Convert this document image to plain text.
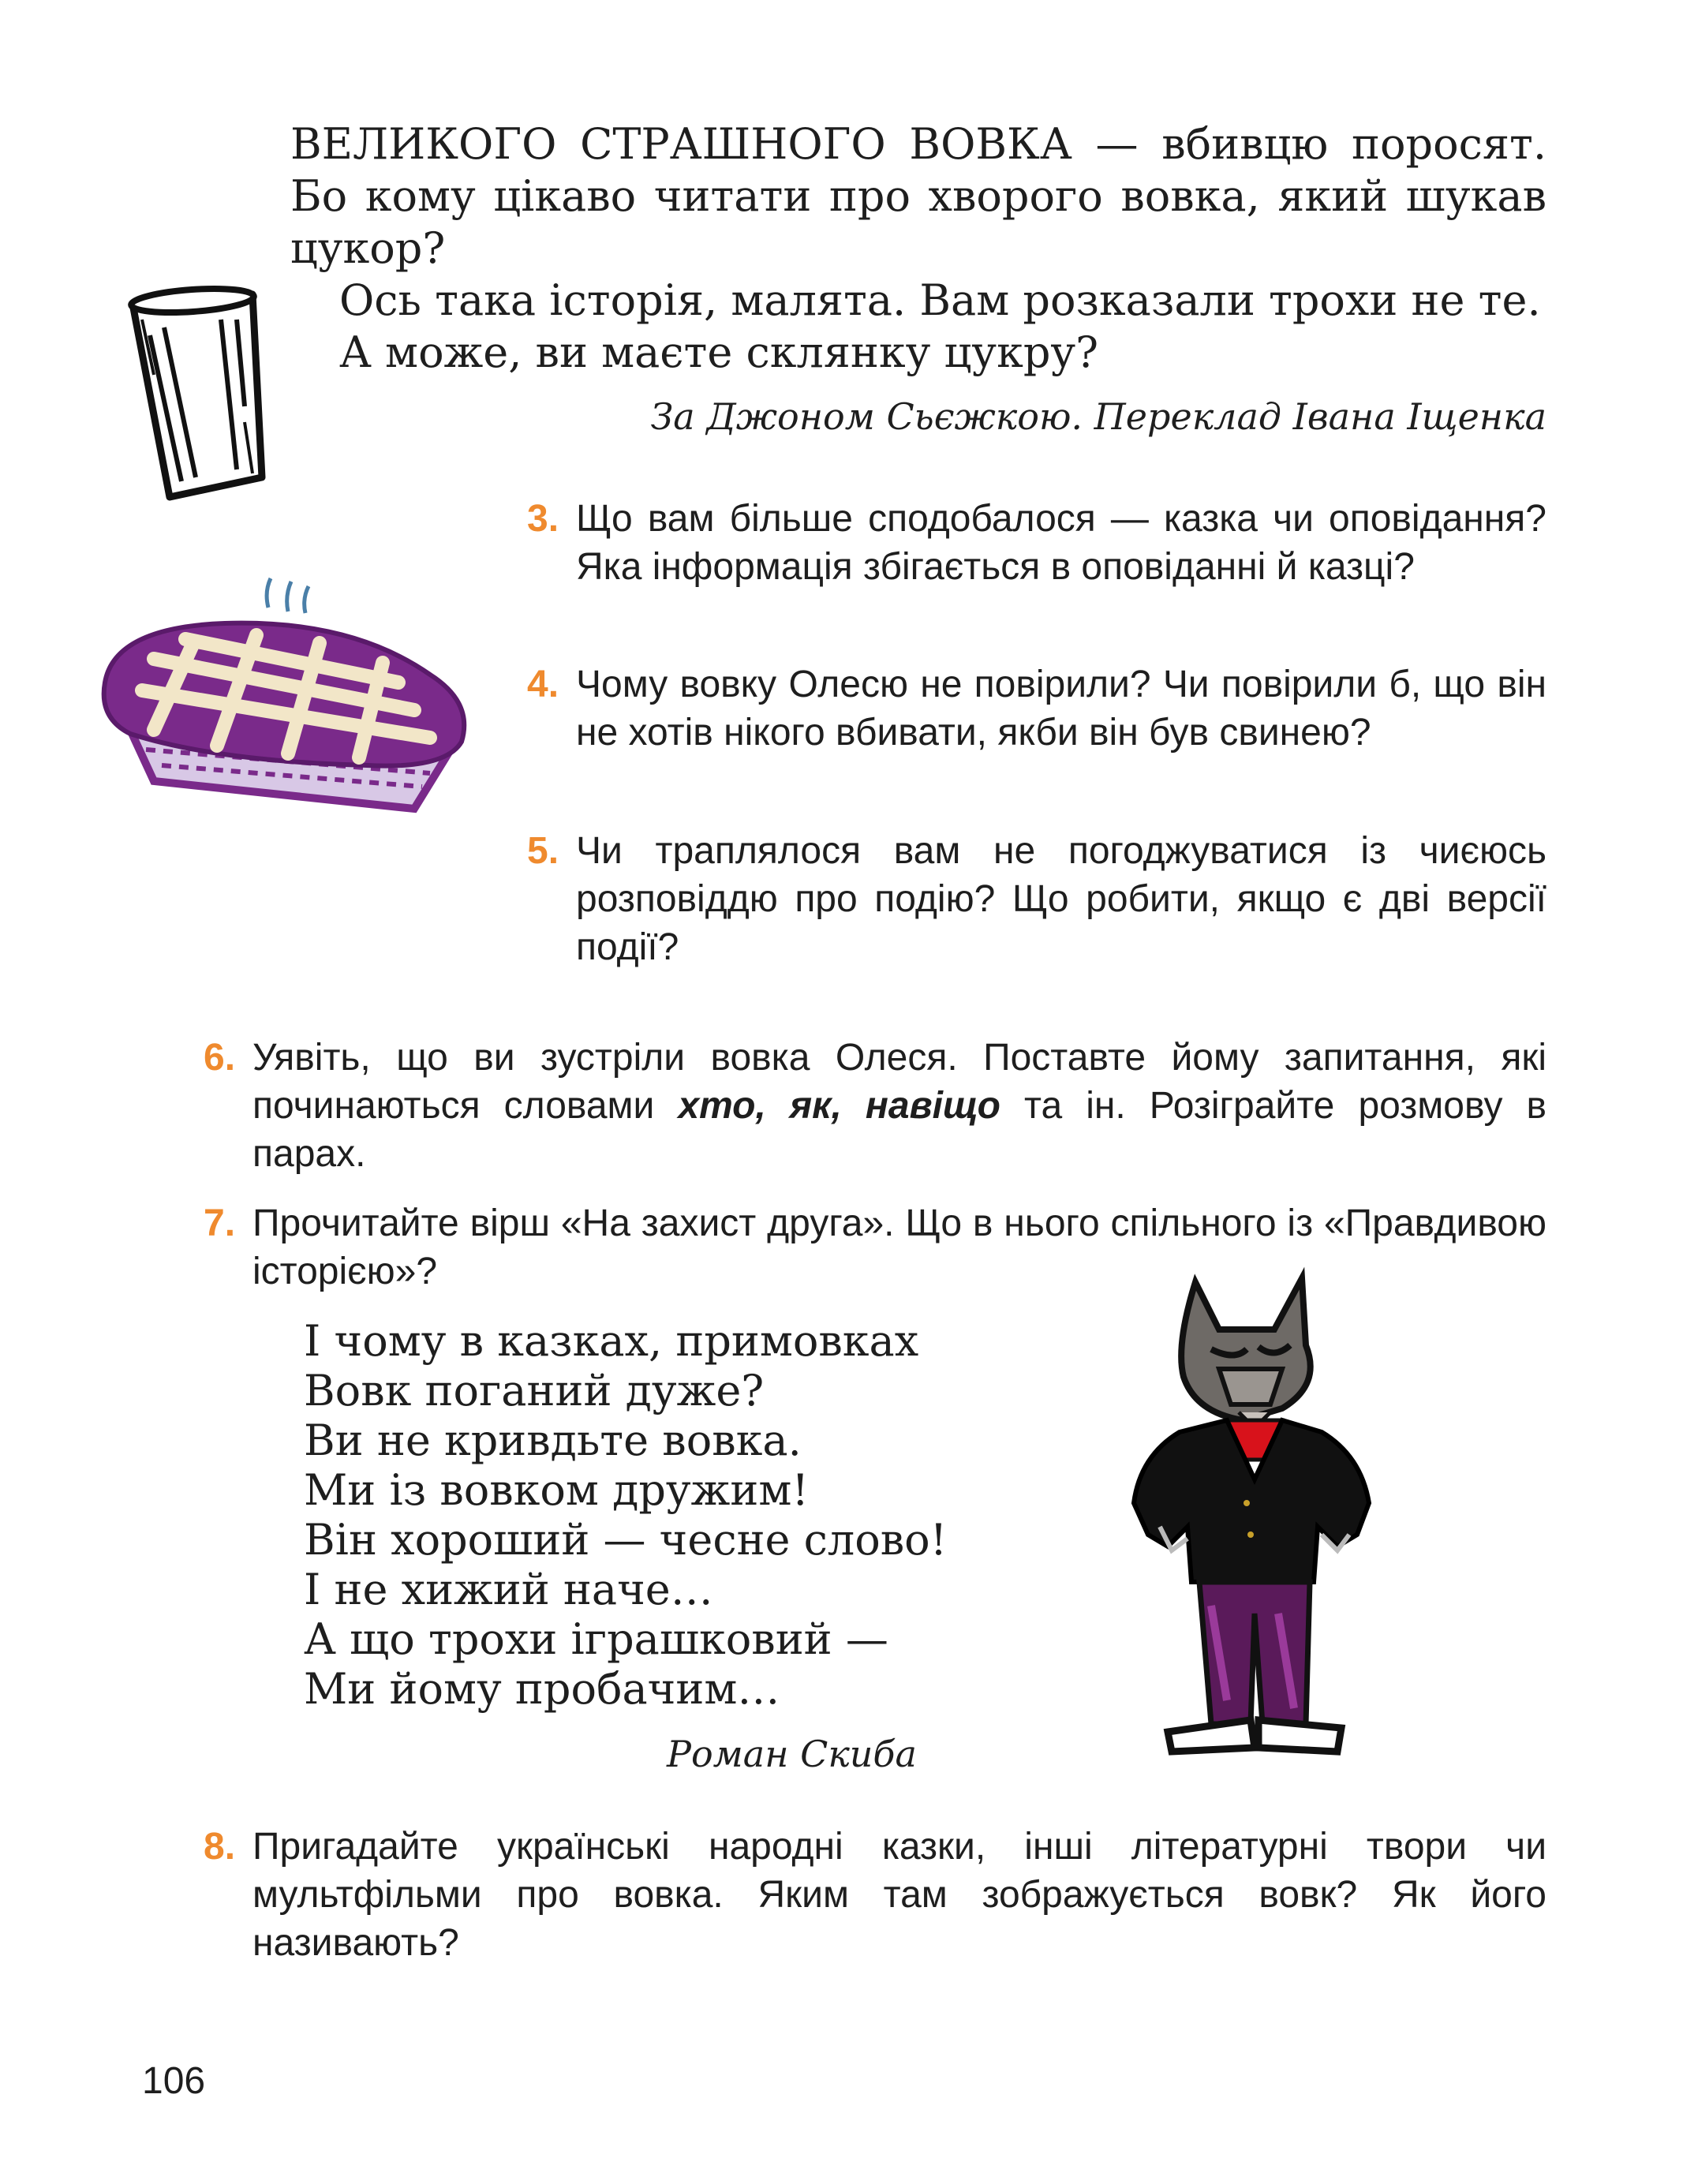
ВЕЛИКОГО СТРАШНОГО ВОВКА — вбивцю поросят. Бо кому цікаво читати про хворого вовка, який шукав цукор?

Ось така історія, малята. Вам розказали трохи не те.

А може, ви маєте склянку цукру?

За Джоном Сьєжкою. Переклад Івана Іщенка
3. Що вам більше сподобалося — казка чи оповідання? Яка інформація збігається в оповіданні й казці?
4. Чому вовку Олесю не повірили? Чи повірили б, що він не хотів нікого вбивати, якби він був свинею?
5. Чи траплялося вам не погоджуватися із чиєюсь розповіддю про подію? Що робити, якщо є дві версії події?
6. Уявіть, що ви зустріли вовка Олеся. Поставте йому запитання, які починаються словами хто, як, навіщо та ін. Розіграйте розмову в парах.
7. Прочитайте вірш «На захист друга». Що в нього спільного із «Правдивою історією»?
І чому в казках, примовках
Вовк поганий дуже?
Ви не кривдьте вовка.
Ми із вовком дружим!
Він хороший — чесне слово!
І не хижий наче…
А що трохи іграшковий —
Ми йому пробачим…
Роман Скиба
8. Пригадайте українські народні казки, інші літературні твори чи мультфільми про вовка. Яким там зображується вовк? Як його називають?
106
